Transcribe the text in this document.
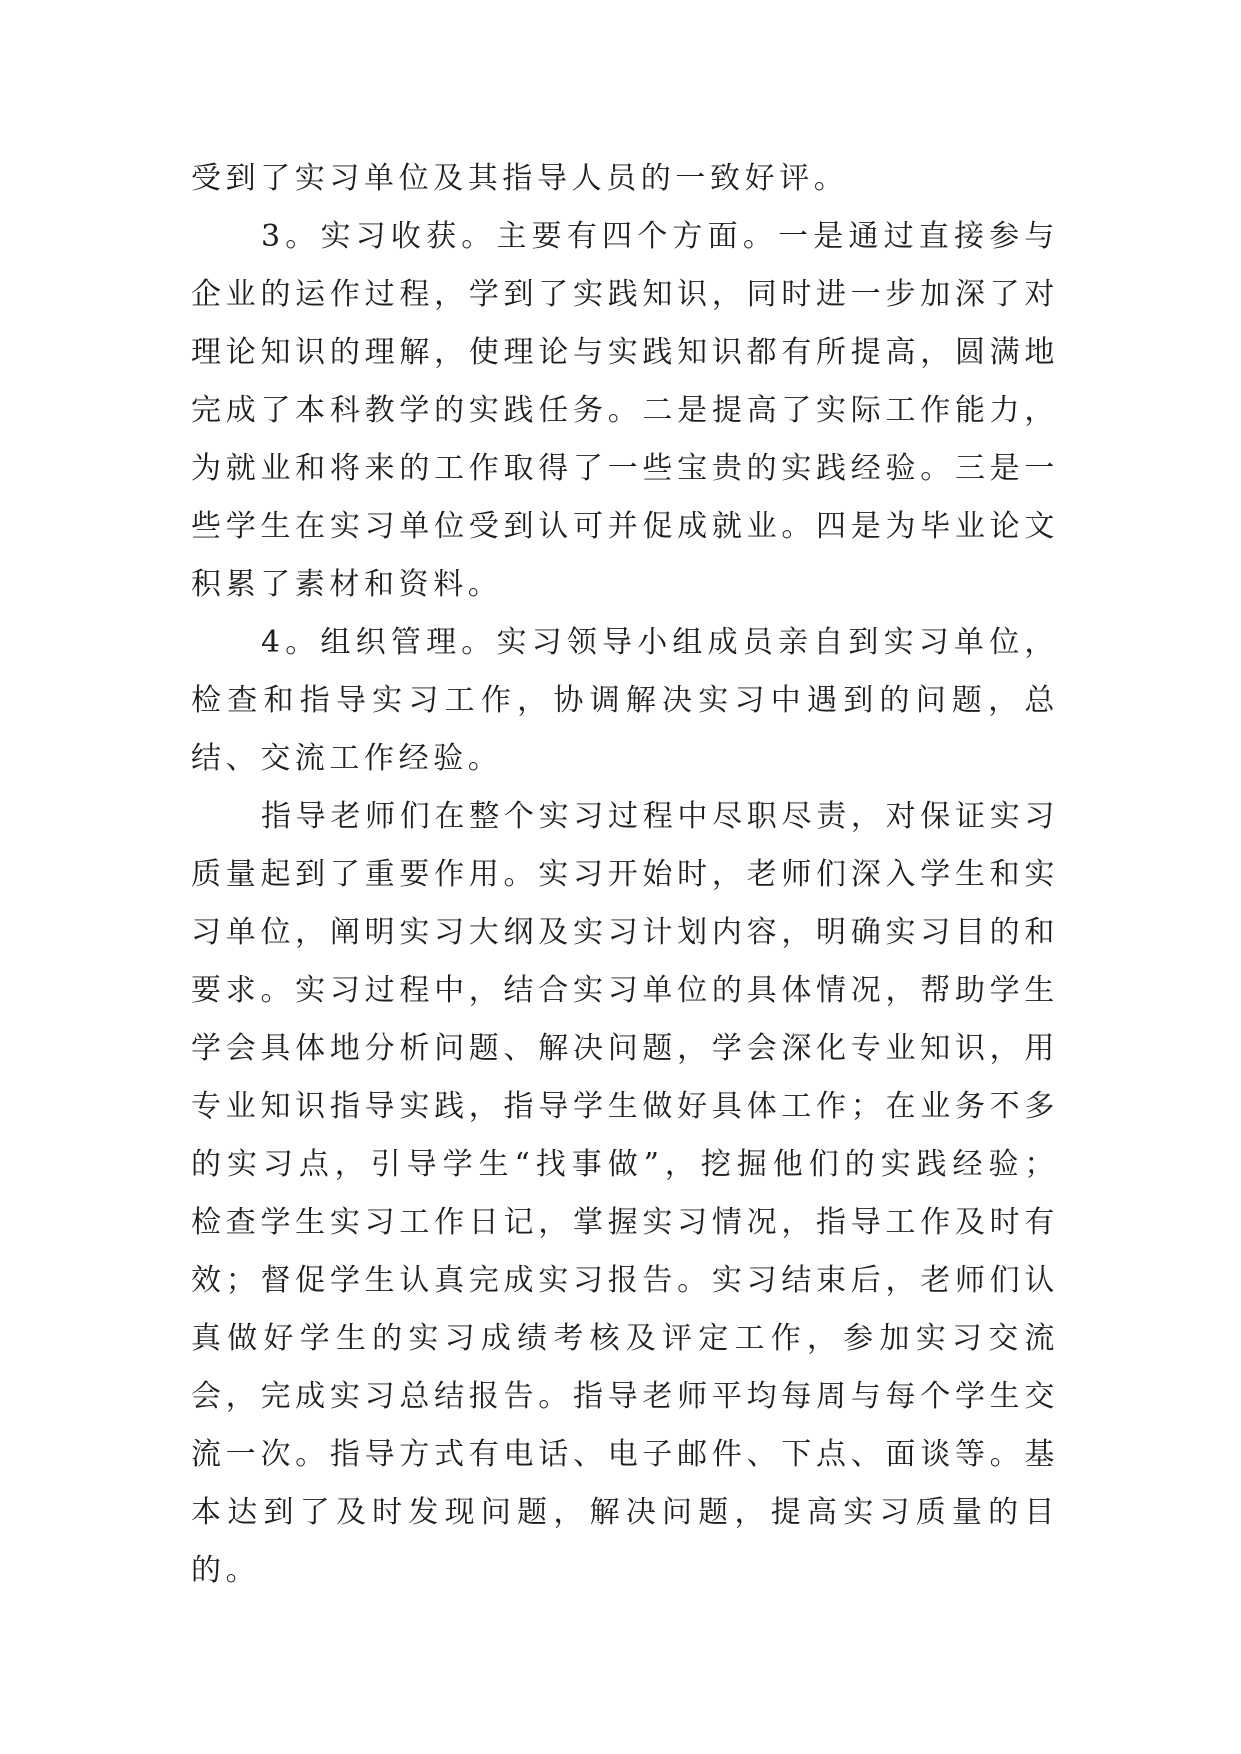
受到了实习单位及其指导人员的一致好评。

3。实习收获。主要有四个方面。一是通过直接参与企业的运作过程，学到了实践知识，同时进一步加深了对理论知识的理解，使理论与实践知识都有所提高，圆满地完成了本科教学的实践任务。二是提高了实际工作能力，为就业和将来的工作取得了一些宝贵的实践经验。三是一些学生在实习单位受到认可并促成就业。四是为毕业论文积累了素材和资料。

4。组织管理。实习领导小组成员亲自到实习单位，检查和指导实习工作，协调解决实习中遇到的问题，总结、交流工作经验。

指导老师们在整个实习过程中尽职尽责，对保证实习质量起到了重要作用。实习开始时，老师们深入学生和实习单位，阐明实习大纲及实习计划内容，明确实习目的和要求。实习过程中，结合实习单位的具体情况，帮助学生学会具体地分析问题、解决问题，学会深化专业知识，用专业知识指导实践，指导学生做好具体工作；在业务不多的实习点，引导学生“找事做”，挖掘他们的实践经验；检查学生实习工作日记，掌握实习情况，指导工作及时有效；督促学生认真完成实习报告。实习结束后，老师们认真做好学生的实习成绩考核及评定工作，参加实习交流会，完成实习总结报告。指导老师平均每周与每个学生交流一次。指导方式有电话、电子邮件、下点、面谈等。基本达到了及时发现问题，解决问题，提高实习质量的目的。
